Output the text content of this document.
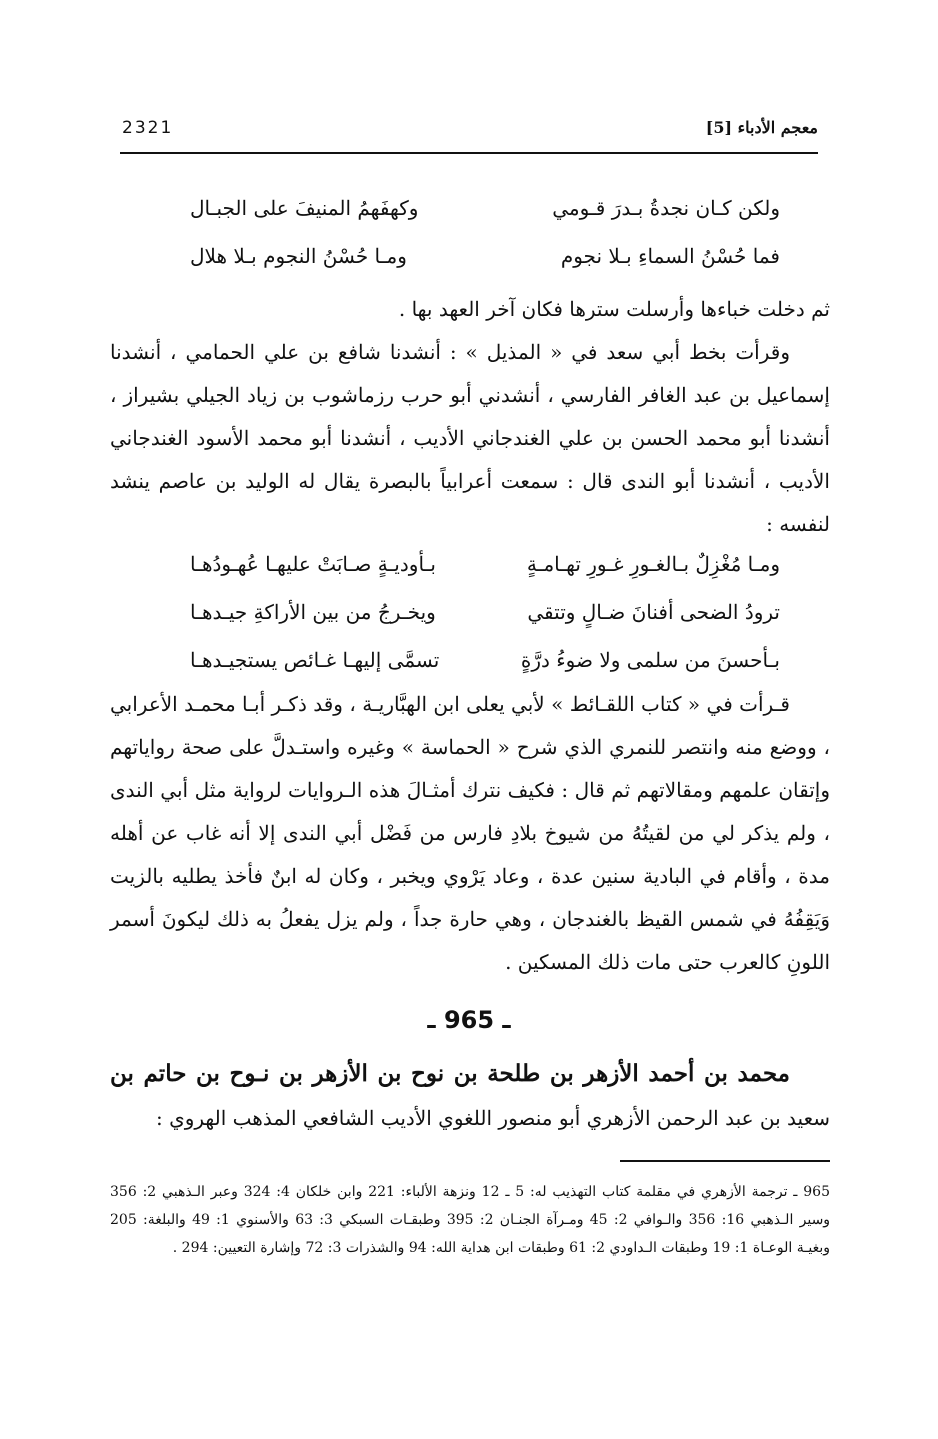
2321	معجم الأدباء [5]
ولكن كـان نجدةُ بـدرَ قـومي
وكهفَهمُ المنيفَ على الجبـال
فما حُسْنُ السماءِ بـلا نجوم
ومـا حُسْنُ النجوم بـلا هلال

ثم دخلت خباءها وأرسلت سترها فكان آخر العهد بها .

وقرأت بخط أبي سعد في « المذيل » : أنشدنا شافع بن علي الحمامي ، أنشدنا إسماعيل بن عبد الغافر الفارسي ، أنشدني أبو حرب رزماشوب بن زياد الجيلي بشيراز ، أنشدنا أبو محمد الحسن بن علي الغندجاني الأديب ، أنشدنا أبو محمد الأسود الغندجاني الأديب ، أنشدنا أبو الندى قال : سمعت أعرابياً بالبصرة يقال له الوليد بن عاصم ينشد لنفسه :

ومـا مُغْزِلٌ بـالغـورِ غـورِ تهـامـةٍ
بـأوديـةٍ صـابَتْ عليهـا عُهـودُهـا
ترودُ الضحى أفنانَ ضـالٍ وتتقي
ويخـرجُ من بين الأراكةِ جيـدهـا
بـأحسنَ من سلمى ولا ضوءُ درَّةٍ
تسمَّى إليهـا غـائص يستجيـدهـا

قـرأت في « كتاب اللقـائط » لأبي يعلى ابن الهبَّاريـة ، وقد ذكـر أبـا محمـد الأعرابي ، ووضع منه وانتصر للنمري الذي شرح « الحماسة » وغيره واستـدلَّ على صحة رواياتهم وإتقان علمهم ومقالاتهم ثم قال : فكيف نترك أمثـالَ هذه الـروايات لرواية مثل أبي الندى ، ولم يذكر لي من لقيتُهُ من شيوخ بلادِ فارس من فَضْل أبي الندى إلا أنه غاب عن أهله مدة ، وأقام في البادية سنين عدة ، وعاد يَرْوي ويخبر ، وكان له ابنٌ فأخذ يطليه بالزيت وَيَقِفُهُ في شمس القيظ بالغندجان ، وهي حارة جداً ، ولم يزل يفعلُ به ذلك ليكونَ أسمر اللونِ كالعرب حتى مات ذلك المسكين .

ـ 965 ـ
محمد بن أحمد الأزهر بن طلحة بن نوح بن الأزهر بن نـوح بن حاتم بن سعيد بن عبد الرحمن الأزهري أبو منصور اللغوي الأديب الشافعي المذهب الهروي :

965 ـ ترجمة الأزهري في مقلمة كتاب التهذيب له: 5 ـ 12 ونزهة الألباء: 221 وابن خلكان 4: 324 وعبر الـذهبي 2: 356 وسير الـذهبي 16: 356 والـوافي 2: 45 ومـرآة الجنـان 2: 395 وطبقـات السبكي 3: 63 والأسنوي 1: 49 والبلغة: 205 وبغيـة الوعـاة 1: 19 وطبقات الـداودي 2: 61 وطبقات ابن هداية الله: 94 والشذرات 3: 72 وإشارة التعيين: 294 .
